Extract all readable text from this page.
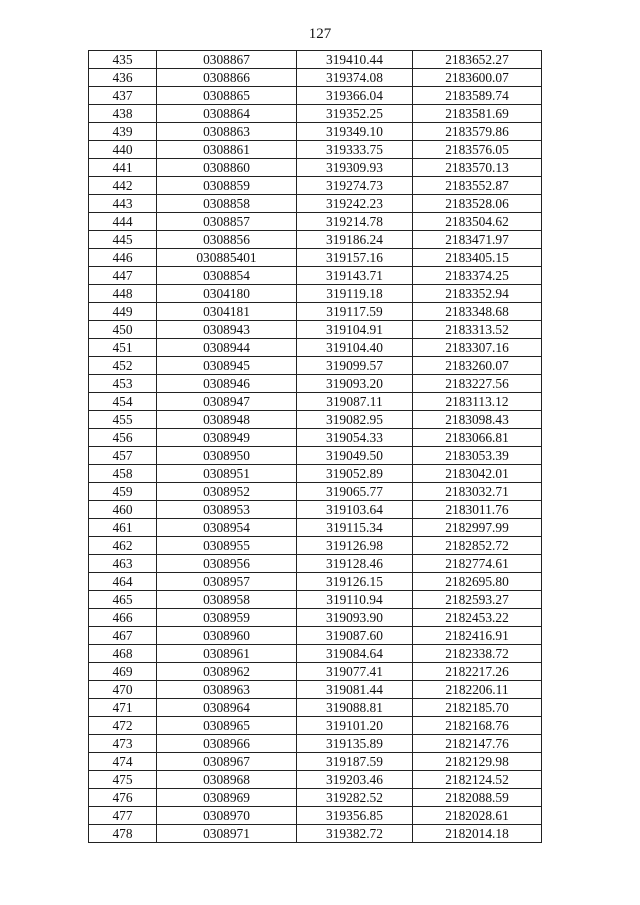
127
435	0308867	319410.44	2183652.27
436	0308866	319374.08	2183600.07
437	0308865	319366.04	2183589.74
438	0308864	319352.25	2183581.69
439	0308863	319349.10	2183579.86
440	0308861	319333.75	2183576.05
441	0308860	319309.93	2183570.13
442	0308859	319274.73	2183552.87
443	0308858	319242.23	2183528.06
444	0308857	319214.78	2183504.62
445	0308856	319186.24	2183471.97
446	030885401	319157.16	2183405.15
447	0308854	319143.71	2183374.25
448	0304180	319119.18	2183352.94
449	0304181	319117.59	2183348.68
450	0308943	319104.91	2183313.52
451	0308944	319104.40	2183307.16
452	0308945	319099.57	2183260.07
453	0308946	319093.20	2183227.56
454	0308947	319087.11	2183113.12
455	0308948	319082.95	2183098.43
456	0308949	319054.33	2183066.81
457	0308950	319049.50	2183053.39
458	0308951	319052.89	2183042.01
459	0308952	319065.77	2183032.71
460	0308953	319103.64	2183011.76
461	0308954	319115.34	2182997.99
462	0308955	319126.98	2182852.72
463	0308956	319128.46	2182774.61
464	0308957	319126.15	2182695.80
465	0308958	319110.94	2182593.27
466	0308959	319093.90	2182453.22
467	0308960	319087.60	2182416.91
468	0308961	319084.64	2182338.72
469	0308962	319077.41	2182217.26
470	0308963	319081.44	2182206.11
471	0308964	319088.81	2182185.70
472	0308965	319101.20	2182168.76
473	0308966	319135.89	2182147.76
474	0308967	319187.59	2182129.98
475	0308968	319203.46	2182124.52
476	0308969	319282.52	2182088.59
477	0308970	319356.85	2182028.61
478	0308971	319382.72	2182014.18
